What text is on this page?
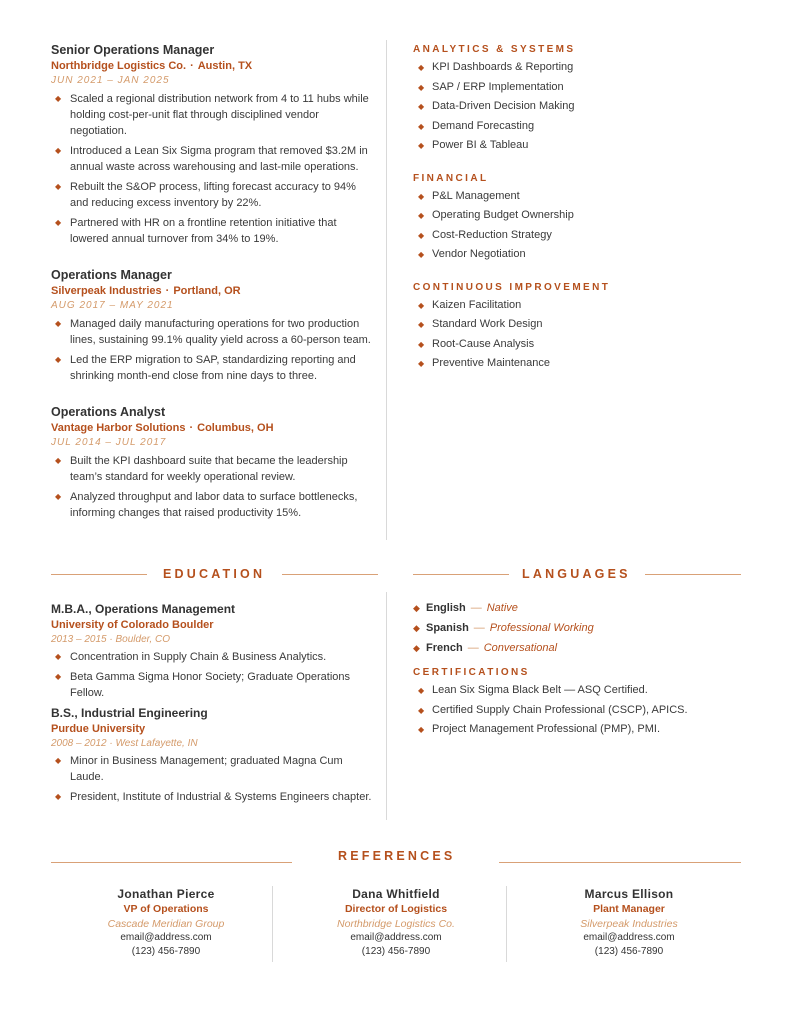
Senior Operations Manager
Northbridge Logistics Co. · Austin, TX
JUN 2021 – JAN 2025
◆ Scaled a regional distribution network from 4 to 11 hubs while holding cost-per-unit flat through disciplined vendor negotiation.
◆ Introduced a Lean Six Sigma program that removed $3.2M in annual waste across warehousing and last-mile operations.
◆ Rebuilt the S&OP process, lifting forecast accuracy to 94% and reducing excess inventory by 22%.
◆ Partnered with HR on a frontline retention initiative that lowered annual turnover from 34% to 19%.
Operations Manager
Silverpeak Industries · Portland, OR
AUG 2017 – MAY 2021
◆ Managed daily manufacturing operations for two production lines, sustaining 99.1% quality yield across a 60-person team.
◆ Led the ERP migration to SAP, standardizing reporting and shrinking month-end close from nine days to three.
Operations Analyst
Vantage Harbor Solutions · Columbus, OH
JUL 2014 – JUL 2017
◆ Built the KPI dashboard suite that became the leadership team’s standard for weekly operational review.
◆ Analyzed throughput and labor data to surface bottlenecks, informing changes that raised productivity 15%.
ANALYTICS & SYSTEMS
◆ KPI Dashboards & Reporting
◆ SAP / ERP Implementation
◆ Data-Driven Decision Making
◆ Demand Forecasting
◆ Power BI & Tableau
FINANCIAL
◆ P&L Management
◆ Operating Budget Ownership
◆ Cost-Reduction Strategy
◆ Vendor Negotiation
CONTINUOUS IMPROVEMENT
◆ Kaizen Facilitation
◆ Standard Work Design
◆ Root-Cause Analysis
◆ Preventive Maintenance
EDUCATION	LANGUAGES
M.B.A., Operations Management
University of Colorado Boulder
2013 – 2015 · Boulder, CO
◆ Concentration in Supply Chain & Business Analytics.
◆ Beta Gamma Sigma Honor Society; Graduate Operations Fellow.
B.S., Industrial Engineering
Purdue University
2008 – 2012 · West Lafayette, IN
◆ Minor in Business Management; graduated Magna Cum Laude.
◆ President, Institute of Industrial & Systems Engineers chapter.
◆ English — Native
◆ Spanish — Professional Working
◆ French — Conversational
CERTIFICATIONS
◆ Lean Six Sigma Black Belt — ASQ Certified.
◆ Certified Supply Chain Professional (CSCP), APICS.
◆ Project Management Professional (PMP), PMI.
REFERENCES
Jonathan Pierce
VP of Operations
Cascade Meridian Group
email@address.com
(123) 456-7890
Dana Whitfield
Director of Logistics
Northbridge Logistics Co.
email@address.com
(123) 456-7890
Marcus Ellison
Plant Manager
Silverpeak Industries
email@address.com
(123) 456-7890
